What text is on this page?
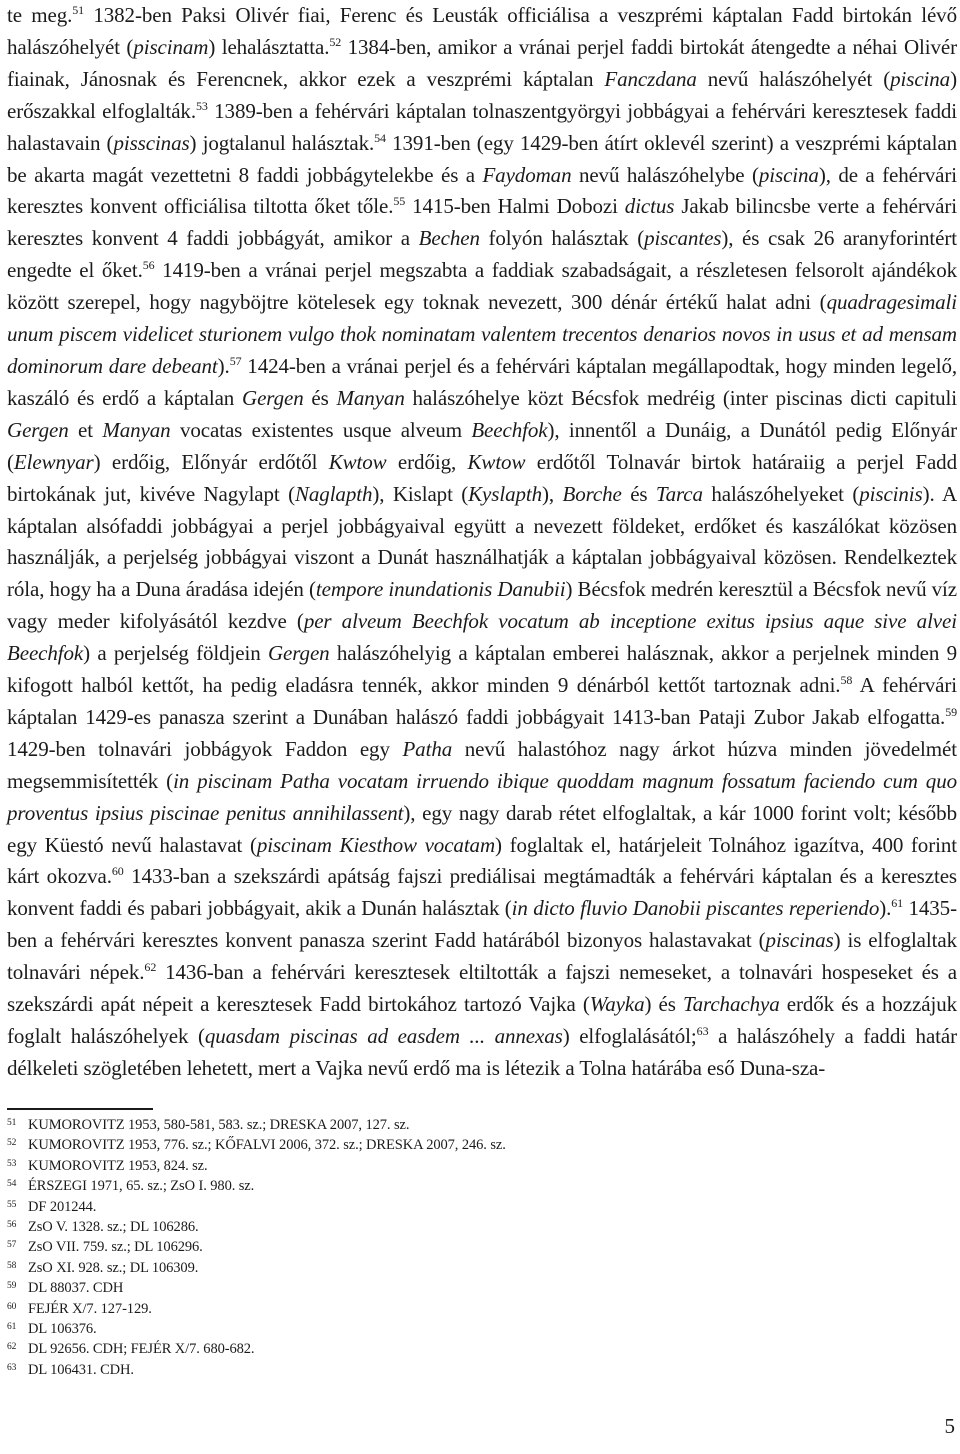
te meg.$^{51}$ 1382-ben Paksi Olivér fiai, Ferenc és Leusták officiálisa a veszprémi káptalan Fadd birtokán lévő halászóhelyét (piscinam) lehalásztatta.$^{52}$ 1384-ben, amikor a vránai perjel faddi birtokát átengedte a néhai Olivér fiainak, Jánosnak és Ferencnek, akkor ezek a veszprémi káptalan Fanczdana nevű halászóhelyét (piscina) erőszakkal elfoglalták.$^{53}$ 1389-ben a fehérvári káptalan tolnaszentgyörgyi jobbágyai a fehérvári keresztesek faddi halastavain (pisscinas) jogtalanul halásztak.$^{54}$ 1391-ben (egy 1429-ben átírt oklevél szerint) a veszprémi káptalan be akarta magát vezettetni 8 faddi jobbágytelekbe és a Faydoman nevű halászóhelybe (piscina), de a fehérvári keresztes konvent officiálisa tiltotta őket tőle.$^{55}$ 1415-ben Halmi Dobozi dictus Jakab bilincsbe verte a fehérvári keresztes konvent 4 faddi jobbágyát, amikor a Bechen folyón halásztak (piscantes), és csak 26 aranyforintért engedte el őket.$^{56}$ 1419-ben a vránai perjel megszabta a faddiak szabadságait, a részletesen felsorolt ajándékok között szerepel, hogy nagyböjtre kötelesek egy toknak nevezett, 300 dénár értékű halat adni (quadragesimali unum piscem videlicet sturionem vulgo thok nominatam valentem trecentos denarios novos in usus et ad mensam dominorum dare debeant).$^{57}$ 1424-ben a vránai perjel és a fehérvári káptalan megállapodtak, hogy minden legelő, kaszáló és erdő a káptalan Gergen és Manyan halászóhelye közt Bécsfok medréig (inter piscinas dicti capituli Gergen et Manyan vocatas existentes usque alveum Beechfok), innentől a Dunáig, a Dunától pedig Előnyár (Elewnyar) erdőig, Előnyár erdőtől Kwtow erdőig, Kwtow erdőtől Tolnavár birtok határaiig a perjel Fadd birtokának jut, kivéve Nagylapt (Naglapth), Kislapt (Kyslapth), Borche és Tarca halászóhelyeket (piscinis). A káptalan alsófaddi jobbágyai a perjel jobbágyaival együtt a nevezett földeket, erdőket és kaszálókat közösen használják, a perjelség jobbágyai viszont a Dunát használhatják a káptalan jobbágyaival közösen. Rendelkeztek róla, hogy ha a Duna áradása idején (tempore inundationis Danubii) Bécsfok medrén keresztül a Bécsfok nevű víz vagy meder kifolyásától kezdve (per alveum Beechfok vocatum ab inceptione exitus ipsius aque sive alvei Beechfok) a perjelség földjein Gergen halászóhelyig a káptalan emberei halásznak, akkor a perjelnek minden 9 kifogott halból kettőt, ha pedig eladásra tennék, akkor minden 9 dénárból kettőt tartoznak adni.$^{58}$ A fehérvári káptalan 1429-es panasza szerint a Dunában halászó faddi jobbágyait 1413-ban Pataji Zubor Jakab elfogatta.$^{59}$ 1429-ben tolnavári jobbágyok Faddon egy Patha nevű halastóhoz nagy árkot húzva minden jövedelmét megsemmisítették (in piscinam Patha vocatam irruendo ibique quoddam magnum fossatum faciendo cum quo proventus ipsius piscinae penitus annihilassent), egy nagy darab rétet elfoglaltak, a kár 1000 forint volt; később egy Küestó nevű halastavat (piscinam Kiesthow vocatam) foglaltak el, határjeleit Tolnához igazítva, 400 forint kárt okozva.$^{60}$ 1433-ban a szekszárdi apátság fajszi prediálisai megtámadták a fehérvári káptalan és a keresztes konvent faddi és pabari jobbágyait, akik a Dunán halásztak (in dicto fluvio Danobii piscantes reperiendo).$^{61}$ 1435-ben a fehérvári keresztes konvent panasza szerint Fadd határából bizonyos halastavakat (piscinas) is elfoglaltak tolnavári népek.$^{62}$ 1436-ban a fehérvári keresztesek eltiltották a fajszi nemeseket, a tolnavári hospeseket és a szekszárdi apát népeit a keresztesek Fadd birtokához tartozó Vajka (Wayka) és Tarchachya erdők és a hozzájuk foglalt halászóhelyek (quasdam piscinas ad easdem ... annexas) elfoglalásától;$^{63}$ a halászóhely a faddi határ délkeleti szögletében lehetett, mert a Vajka nevű erdő ma is létezik a Tolna határába eső Duna-sza-
51 KUMOROVITZ 1953, 580-581, 583. sz.; DRESKA 2007, 127. sz.
52 KUMOROVITZ 1953, 776. sz.; KŐFALVI 2006, 372. sz.; DRESKA 2007, 246. sz.
53 KUMOROVITZ 1953, 824. sz.
54 ÉRSZEGI 1971, 65. sz.; ZsO I. 980. sz.
55 DF 201244.
56 ZsO V. 1328. sz.; DL 106286.
57 ZsO VII. 759. sz.; DL 106296.
58 ZsO XI. 928. sz.; DL 106309.
59 DL 88037. CDH
60 FEJÉR X/7. 127-129.
61 DL 106376.
62 DL 92656. CDH; FEJÉR X/7. 680-682.
63 DL 106431. CDH.
5
